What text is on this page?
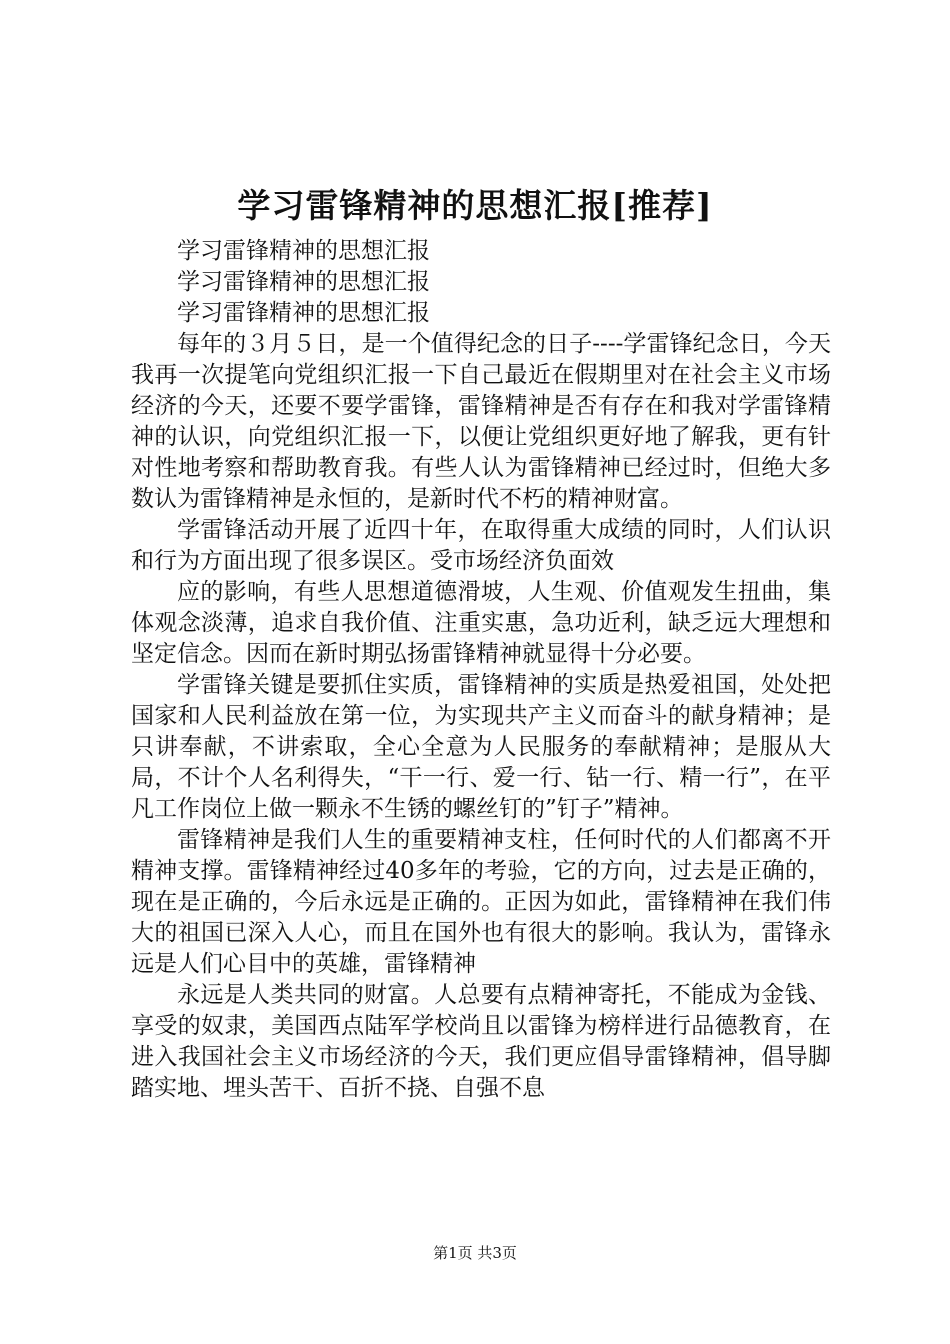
学习雷锋精神的思想汇报[推荐]

学习雷锋精神的思想汇报

学习雷锋精神的思想汇报

学习雷锋精神的思想汇报

每年的３月５日，是一个值得纪念的日子----学雷锋纪念日，今天我再一次提笔向党组织汇报一下自己最近在假期里对在社会主义市场经济的今天，还要不要学雷锋，雷锋精神是否有存在和我对学雷锋精神的认识，向党组织汇报一下，以便让党组织更好地了解我，更有针对性地考察和帮助教育我。有些人认为雷锋精神已经过时，但绝大多数认为雷锋精神是永恒的，是新时代不朽的精神财富。

学雷锋活动开展了近四十年，在取得重大成绩的同时，人们认识和行为方面出现了很多误区。受市场经济负面效

应的影响，有些人思想道德滑坡，人生观、价值观发生扭曲，集体观念淡薄，追求自我价值、注重实惠，急功近利，缺乏远大理想和坚定信念。因而在新时期弘扬雷锋精神就显得十分必要。

学雷锋关键是要抓住实质，雷锋精神的实质是热爱祖国，处处把国家和人民利益放在第一位，为实现共产主义而奋斗的献身精神；是只讲奉献，不讲索取，全心全意为人民服务的奉献精神；是服从大局，不计个人名利得失，“干一行、爱一行、钻一行、精一行”，在平凡工作岗位上做一颗永不生锈的螺丝钉的”钉子”精神。

雷锋精神是我们人生的重要精神支柱，任何时代的人们都离不开精神支撑。雷锋精神经过40多年的考验，它的方向，过去是正确的，现在是正确的，今后永远是正确的。正因为如此，雷锋精神在我们伟大的祖国已深入人心，而且在国外也有很大的影响。我认为，雷锋永远是人们心目中的英雄，雷锋精神

永远是人类共同的财富。人总要有点精神寄托，不能成为金钱、享受的奴隶，美国西点陆军学校尚且以雷锋为榜样进行品德教育，在进入我国社会主义市场经济的今天，我们更应倡导雷锋精神，倡导脚踏实地、埋头苦干、百折不挠、自强不息

第1页 共3页
